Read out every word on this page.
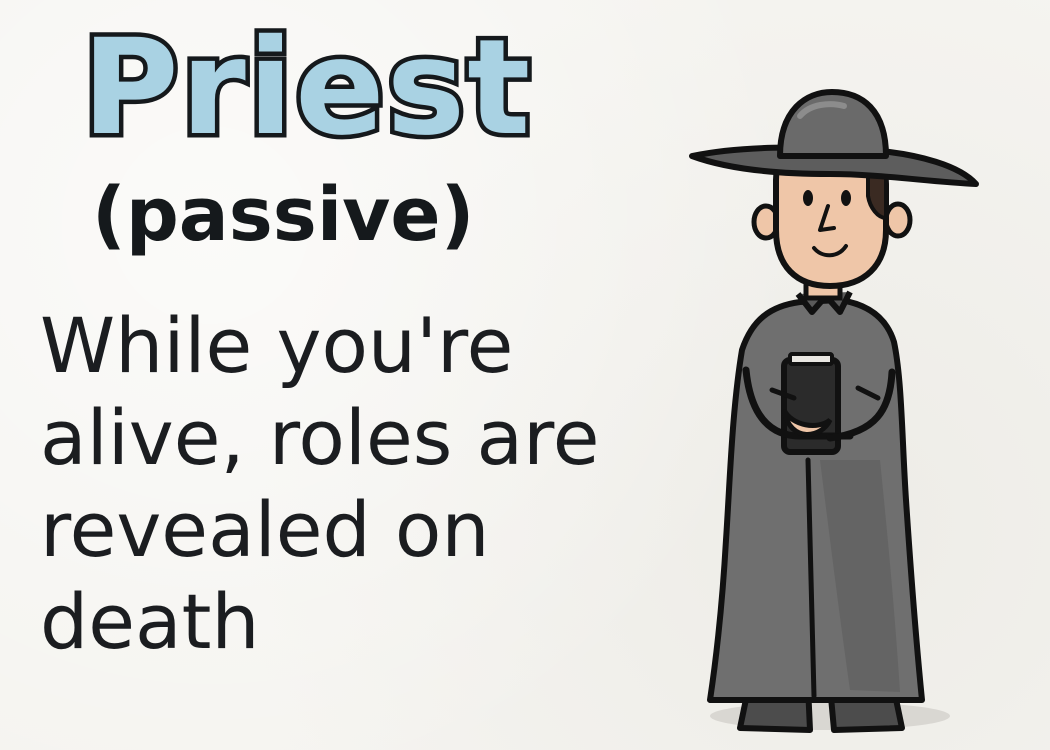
Priest
(passive)

While you're
alive, roles are
revealed on
death
